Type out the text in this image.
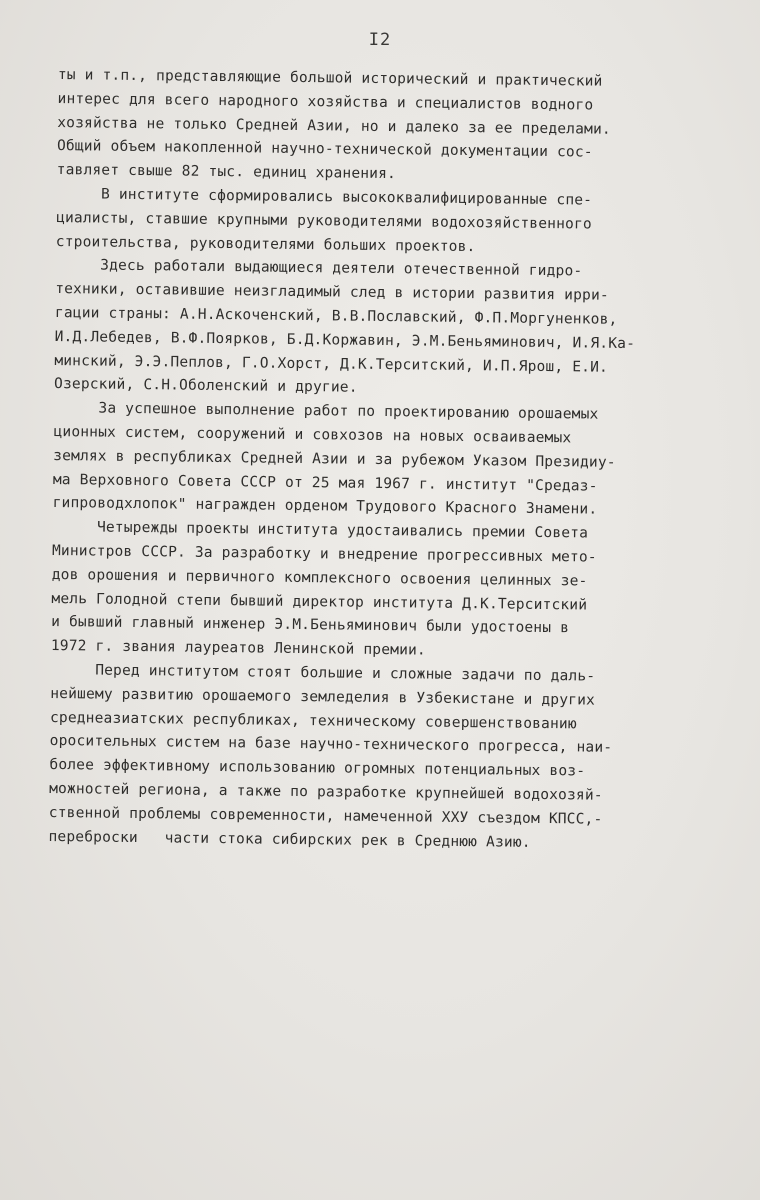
I2

ты и т.п., представляющие большой исторический и практический

интерес для всего народного хозяйства и специалистов водного

хозяйства не только Средней Азии, но и далеко за ее пределами.

Общий объем накопленной научно-технической документации сос-

тавляет свыше 82 тыс. единиц хранения.

В институте сформировались высококвалифицированные спе-

циалисты, ставшие крупными руководителями водохозяйственного

строительства, руководителями больших проектов.

Здесь работали выдающиеся деятели отечественной гидро-

техники, оставившие неизгладимый след в истории развития ирри-

гации страны: А.Н.Аскоченский, В.В.Пославский, Ф.П.Моргуненков,

И.Д.Лебедев, В.Ф.Поярков, Б.Д.Коржавин, Э.М.Беньяминович, И.Я.Ка-

минский, Э.Э.Пеплов, Г.О.Хорст, Д.К.Терситский, И.П.Ярош, Е.И.

Озерский, С.Н.Оболенский и другие.

За успешное выполнение работ по проектированию орошаемых

ционных систем, сооружений и совхозов на новых осваиваемых

землях в республиках Средней Азии и за рубежом Указом Президиу-

ма Верховного Совета СССР от 25 мая 1967 г. институт "Средаз-

гипроводхлопок" награжден орденом Трудового Красного Знамени.

Четырежды проекты института удостаивались премии Совета

Министров СССР. За разработку и внедрение прогрессивных мето-

дов орошения и первичного комплексного освоения целинных зе-

мель Голодной степи бывший директор института Д.К.Терситский

и бывший главный инженер Э.М.Беньяминович были удостоены в

1972 г. звания лауреатов Ленинской премии.

Перед институтом стоят большие и сложные задачи по даль-

нейшему развитию орошаемого земледелия в Узбекистане и других

среднеазиатских республиках, техническому совершенствованию

оросительных систем на базе научно-технического прогресса, наи-

более эффективному использованию огромных потенциальных воз-

можностей региона, а также по разработке крупнейшей водохозяй-

ственной проблемы современности, намеченной ХХУ съездом КПСС,-

переброски   части стока сибирских рек в Среднюю Азию.
